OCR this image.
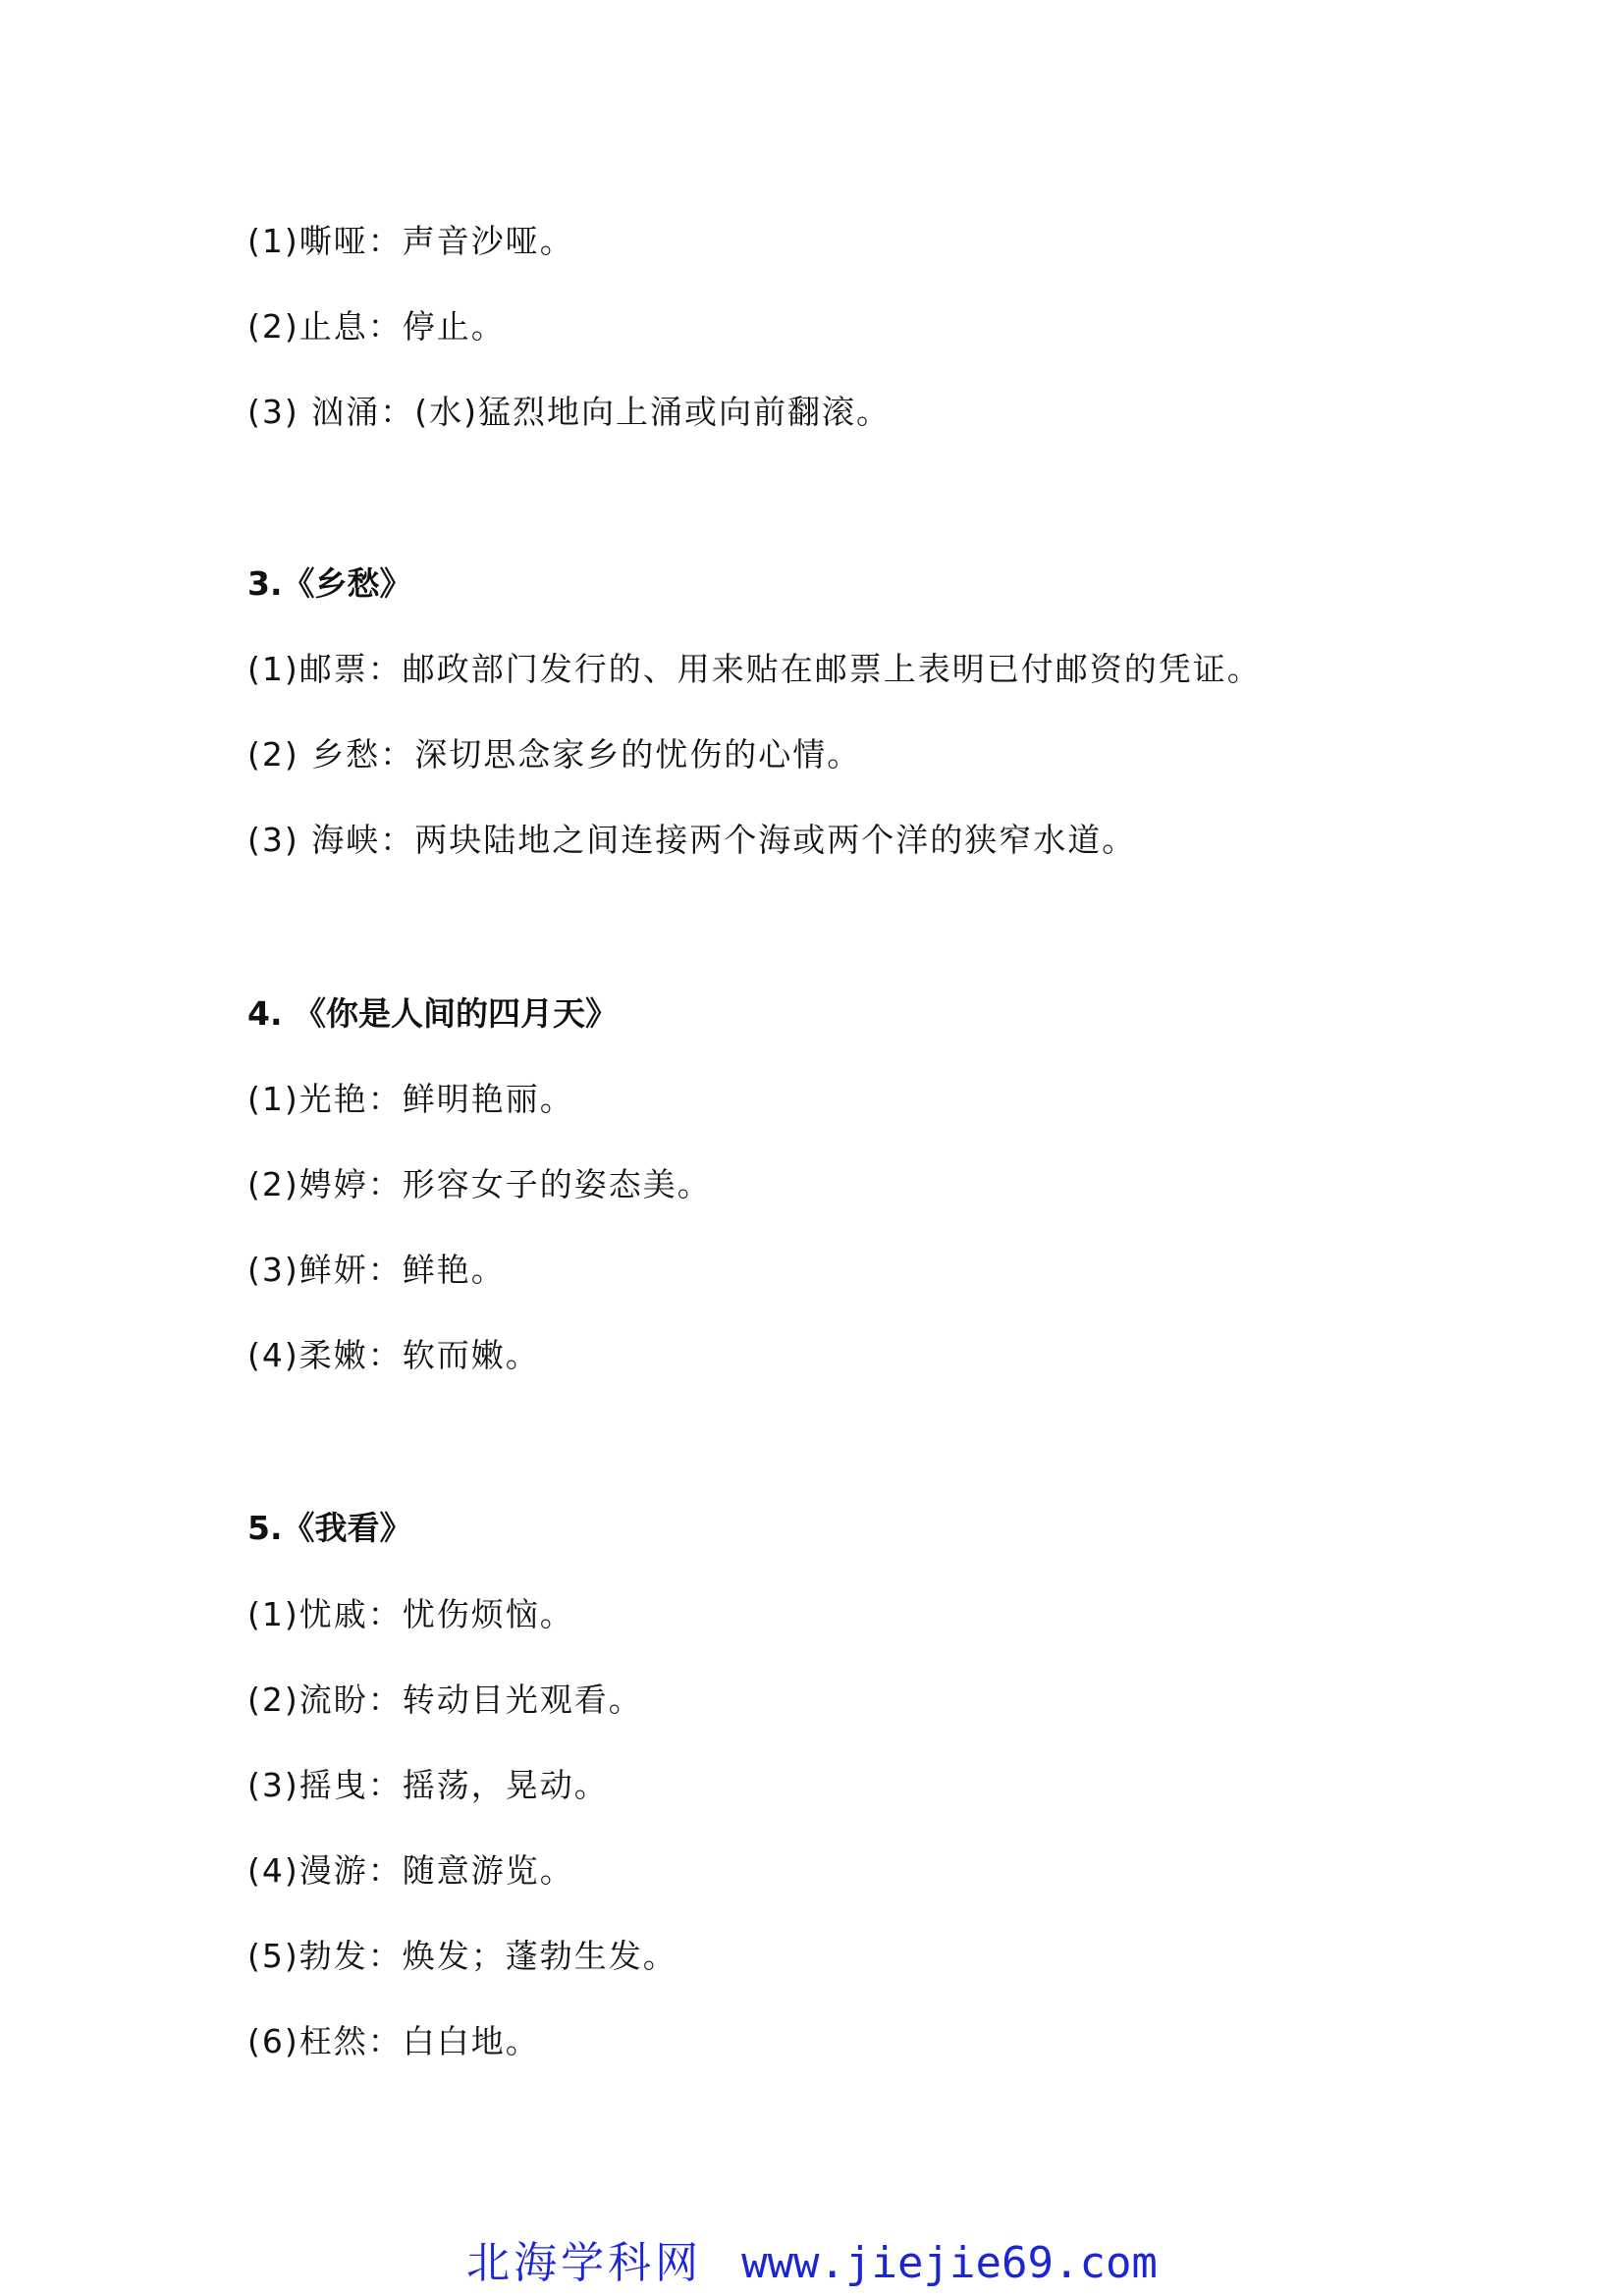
(1)嘶哑：声音沙哑。
(2)止息：停止。
(3) 汹涌：(水)猛烈地向上涌或向前翻滚。
3.《乡愁》
(1)邮票：邮政部门发行的、用来贴在邮票上表明已付邮资的凭证。
(2) 乡愁：深切思念家乡的忧伤的心情。
(3) 海峡：两块陆地之间连接两个海或两个洋的狭窄水道。
4. 《你是人间的四月天》
(1)光艳：鲜明艳丽。
(2)娉婷：形容女子的姿态美。
(3)鲜妍：鲜艳。
(4)柔嫩：软而嫩。
5.《我看》
(1)忧戚：忧伤烦恼。
(2)流盼：转动目光观看。
(3)摇曳：摇荡，晃动。
(4)漫游：随意游览。
(5)勃发：焕发；蓬勃生发。
(6)枉然：白白地。
北海学科网 www.jiejie69.com
